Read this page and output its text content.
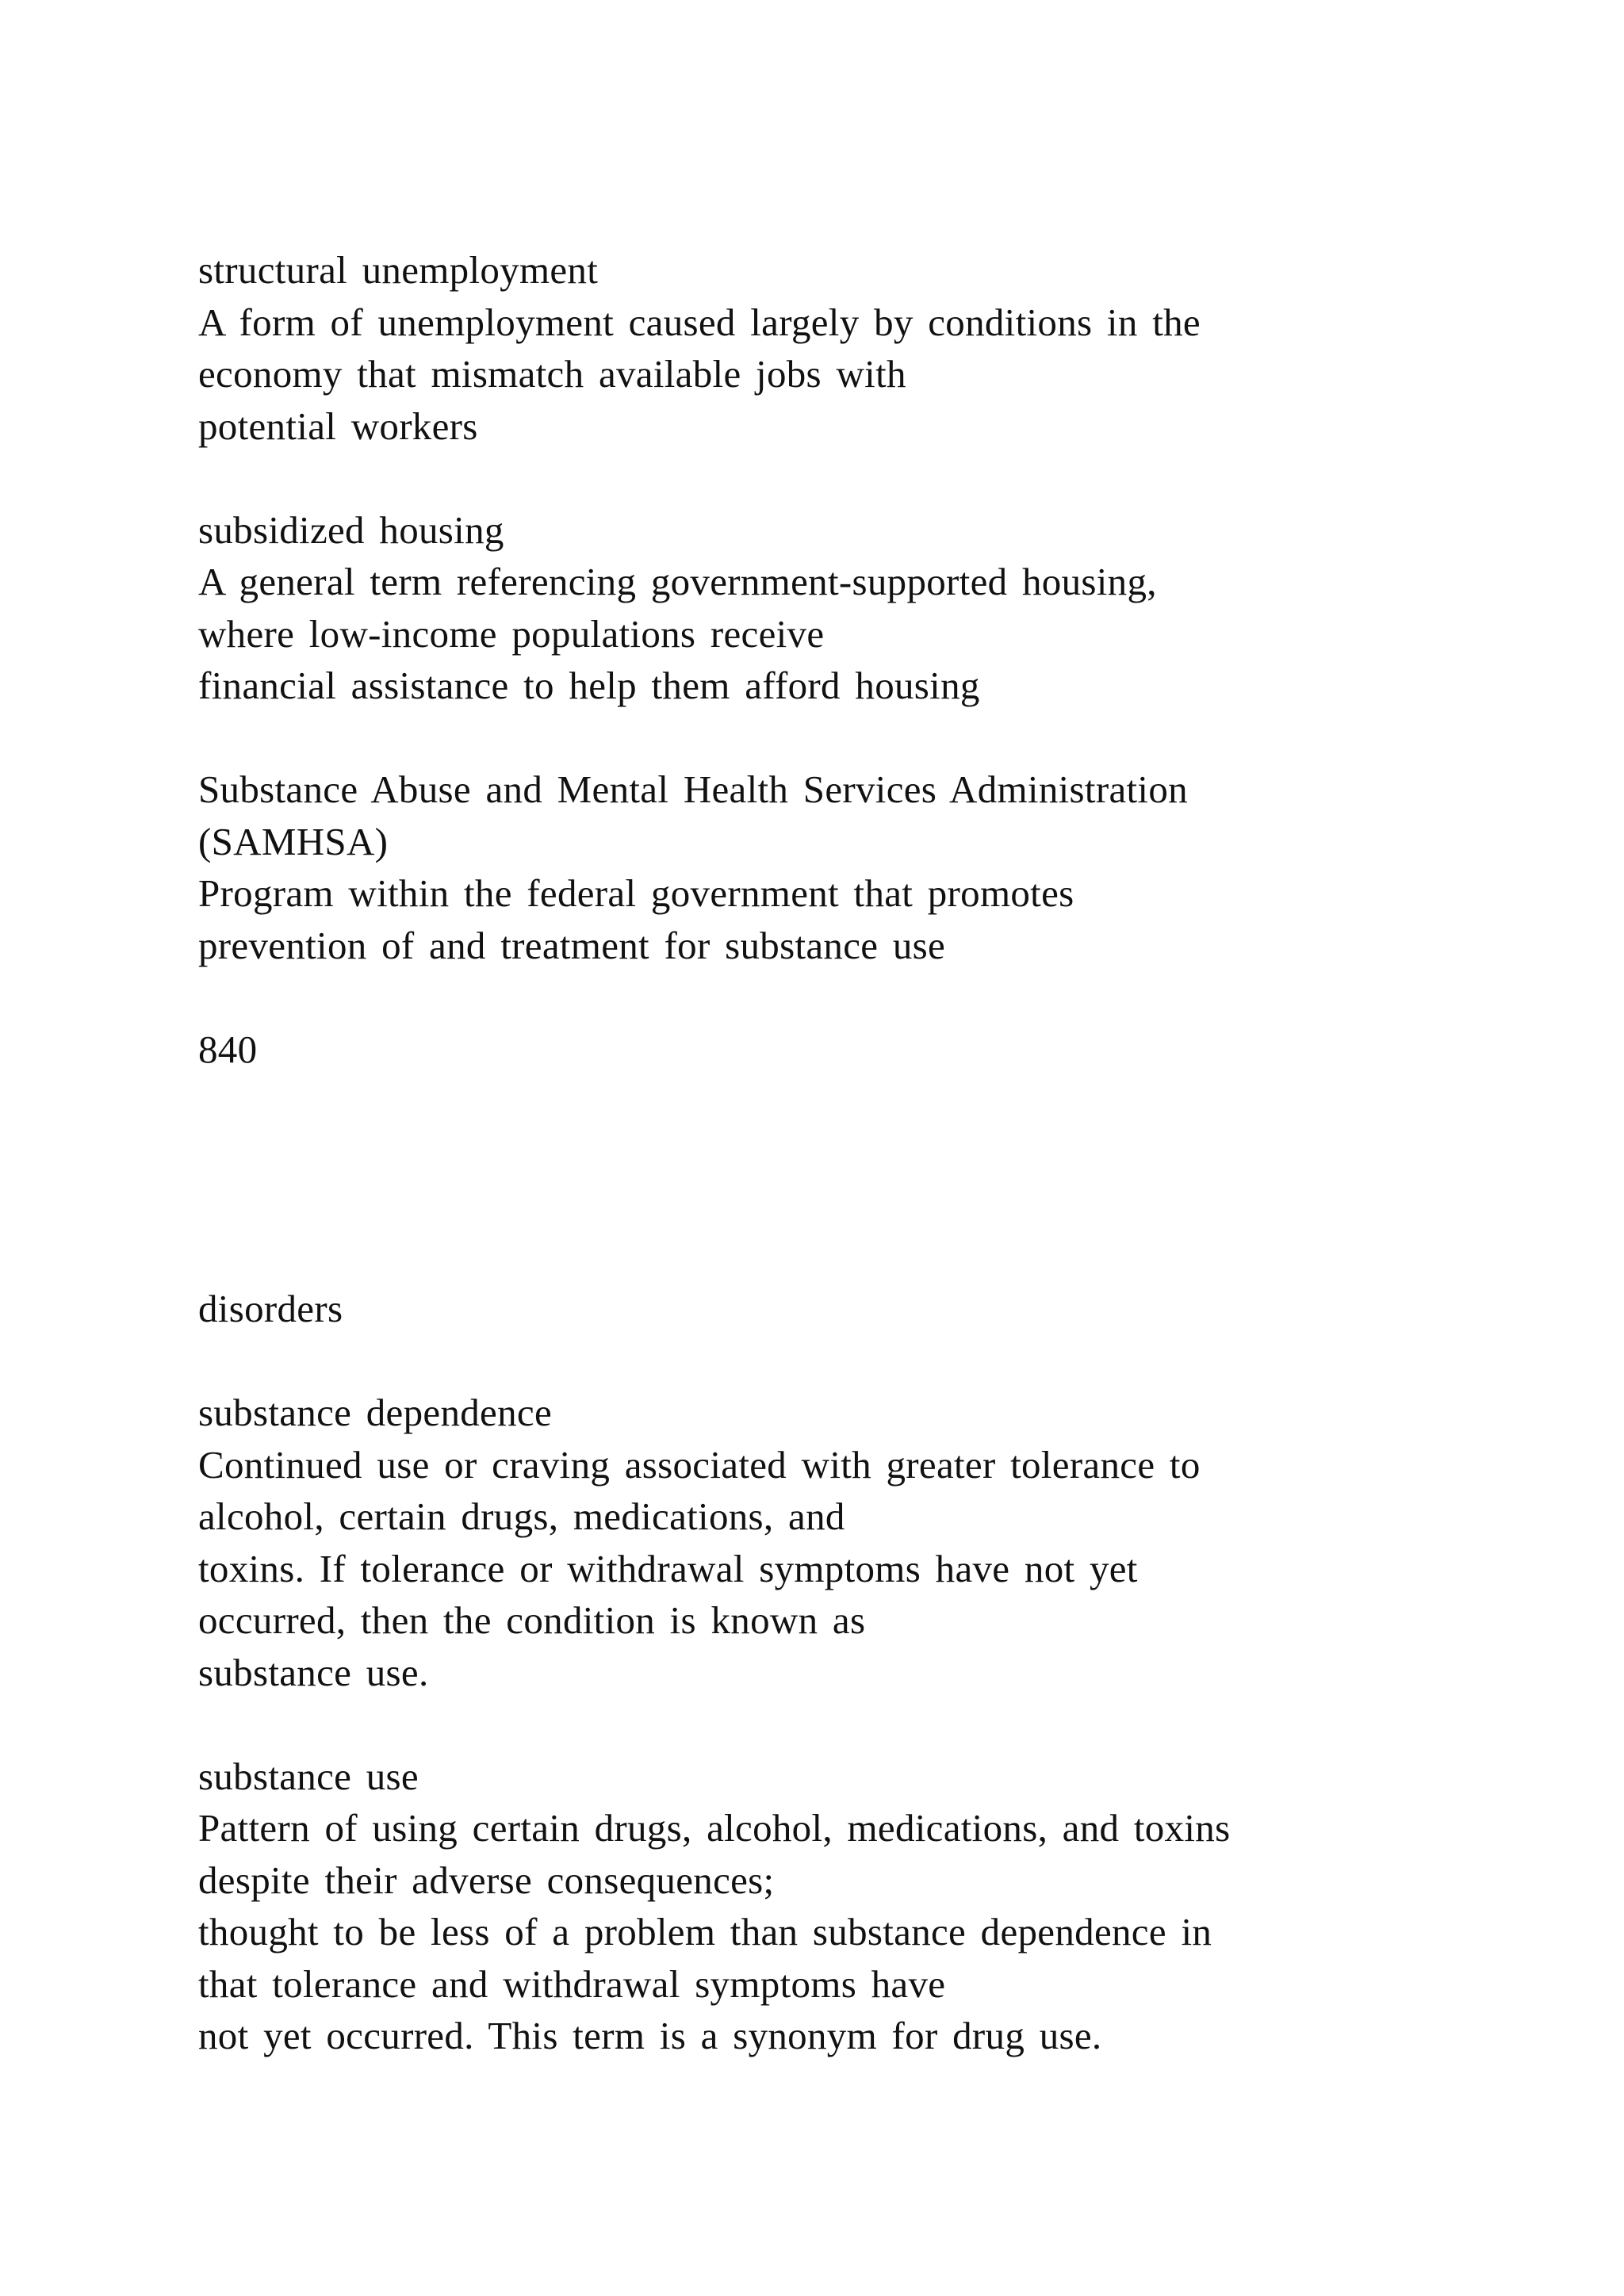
structural unemployment
A form of unemployment caused largely by conditions in the
economy that mismatch available jobs with
potential workers
subsidized housing
A general term referencing government-supported housing,
where low-income populations receive
financial assistance to help them afford housing
Substance Abuse and Mental Health Services Administration
(SAMHSA)
Program within the federal government that promotes
prevention of and treatment for substance use
840
disorders
substance dependence
Continued use or craving associated with greater tolerance to
alcohol, certain drugs, medications, and
toxins. If tolerance or withdrawal symptoms have not yet
occurred, then the condition is known as
substance use.
substance use
Pattern of using certain drugs, alcohol, medications, and toxins
despite their adverse consequences;
thought to be less of a problem than substance dependence in
that tolerance and withdrawal symptoms have
not yet occurred. This term is a synonym for drug use.
